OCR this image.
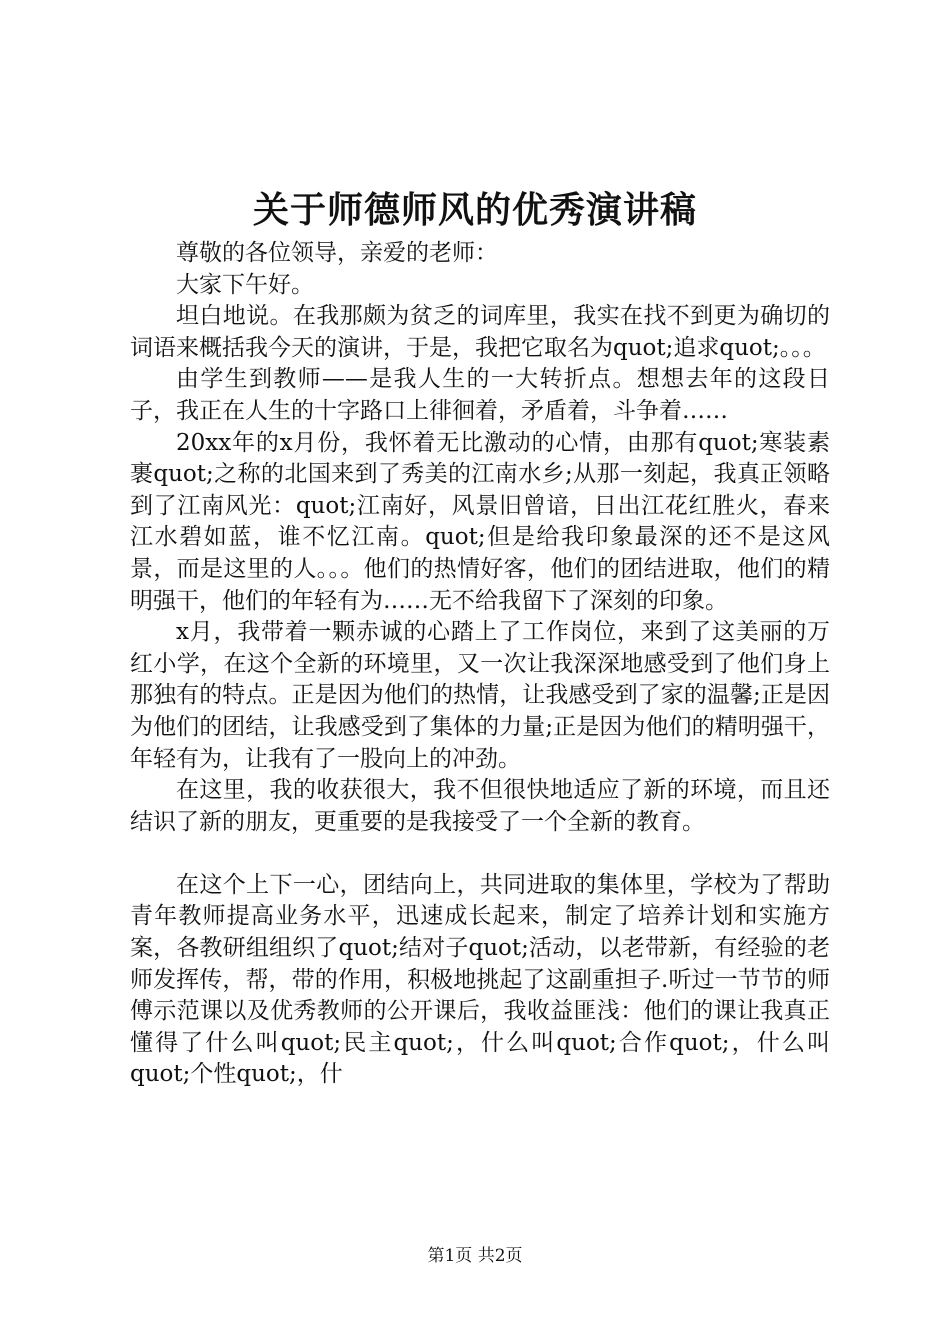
关于师德师风的优秀演讲稿

尊敬的各位领导，亲爱的老师：

大家下午好。

坦白地说。在我那颇为贫乏的词库里，我实在找不到更为确切的词语来概括我今天的演讲，于是，我把它取名为quot;追求quot;。。。

由学生到教师——是我人生的一大转折点。想想去年的这段日子，我正在人生的十字路口上徘徊着，矛盾着，斗争着……

20xx年的x月份，我怀着无比激动的心情，由那有quot;寒装素裹quot;之称的北国来到了秀美的江南水乡;从那一刻起，我真正领略到了江南风光：quot;江南好，风景旧曾谙，日出江花红胜火，春来江水碧如蓝，谁不忆江南。quot;但是给我印象最深的还不是这风景，而是这里的人。。。他们的热情好客，他们的团结进取，他们的精明强干，他们的年轻有为……无不给我留下了深刻的印象。

x月，我带着一颗赤诚的心踏上了工作岗位，来到了这美丽的万红小学，在这个全新的环境里，又一次让我深深地感受到了他们身上那独有的特点。正是因为他们的热情，让我感受到了家的温馨;正是因为他们的团结，让我感受到了集体的力量;正是因为他们的精明强干，年轻有为，让我有了一股向上的冲劲。

在这里，我的收获很大，我不但很快地适应了新的环境，而且还结识了新的朋友，更重要的是我接受了一个全新的教育。

在这个上下一心，团结向上，共同进取的集体里，学校为了帮助青年教师提高业务水平，迅速成长起来，制定了培养计划和实施方案，各教研组组织了quot;结对子quot;活动，以老带新，有经验的老师发挥传，帮，带的作用，积极地挑起了这副重担子.听过一节节的师傅示范课以及优秀教师的公开课后，我收益匪浅：他们的课让我真正懂得了什么叫quot;民主quot;，什么叫quot;合作quot;，什么叫quot;个性quot;，什

第1页 共2页
